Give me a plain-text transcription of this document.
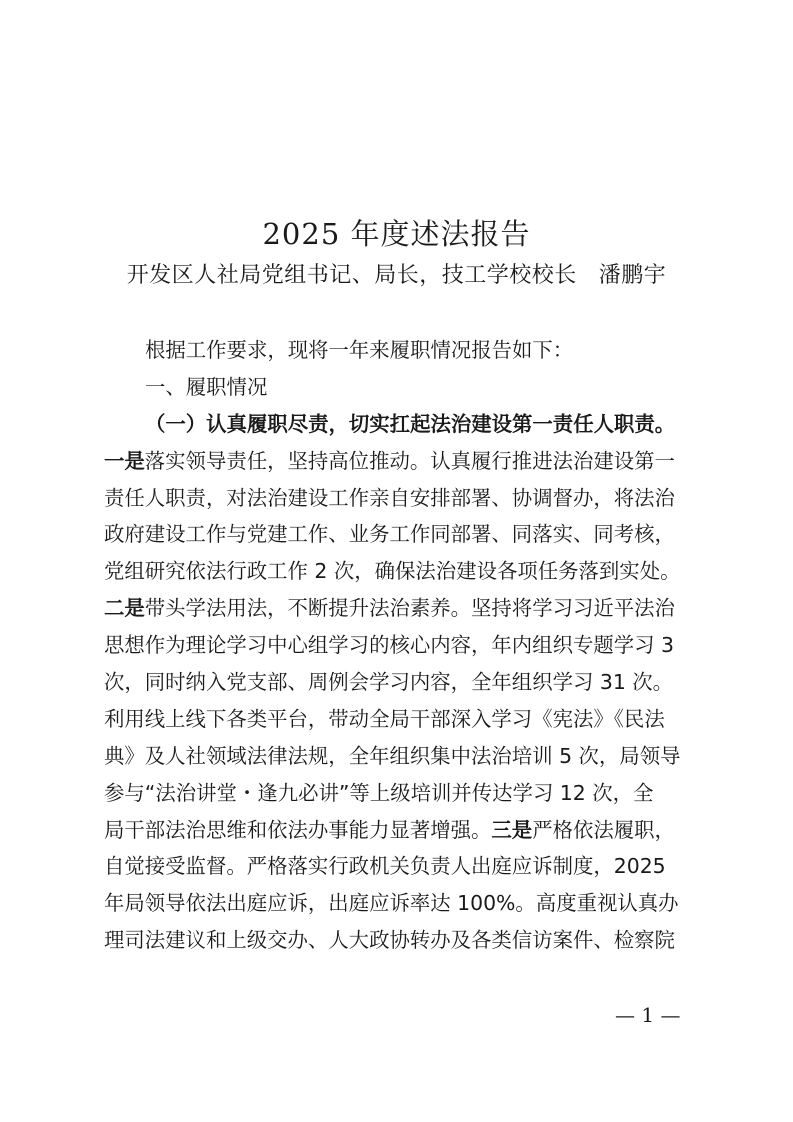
2025 年度述法报告
开发区人社局党组书记、局长，技工学校校长 潘鹏宇
根据工作要求，现将一年来履职情况报告如下：
一、履职情况
（一）认真履职尽责，切实扛起法治建设第一责任人职责。
一是落实领导责任，坚持高位推动。认真履行推进法治建设第一
责任人职责，对法治建设工作亲自安排部署、协调督办，将法治
政府建设工作与党建工作、业务工作同部署、同落实、同考核，
党组研究依法行政工作 2 次，确保法治建设各项任务落到实处。
二是带头学法用法，不断提升法治素养。坚持将学习习近平法治
思想作为理论学习中心组学习的核心内容，年内组织专题学习 3
次，同时纳入党支部、周例会学习内容，全年组织学习 31 次。
利用线上线下各类平台，带动全局干部深入学习《宪法》《民法
典》及人社领域法律法规，全年组织集中法治培训 5 次，局领导
参与“法治讲堂・逢九必讲”等上级培训并传达学习 12 次，全
局干部法治思维和依法办事能力显著增强。三是严格依法履职，
自觉接受监督。严格落实行政机关负责人出庭应诉制度，2025
年局领导依法出庭应诉，出庭应诉率达 100%。高度重视认真办
理司法建议和上级交办、人大政协转办及各类信访案件、检察院
— 1 —
